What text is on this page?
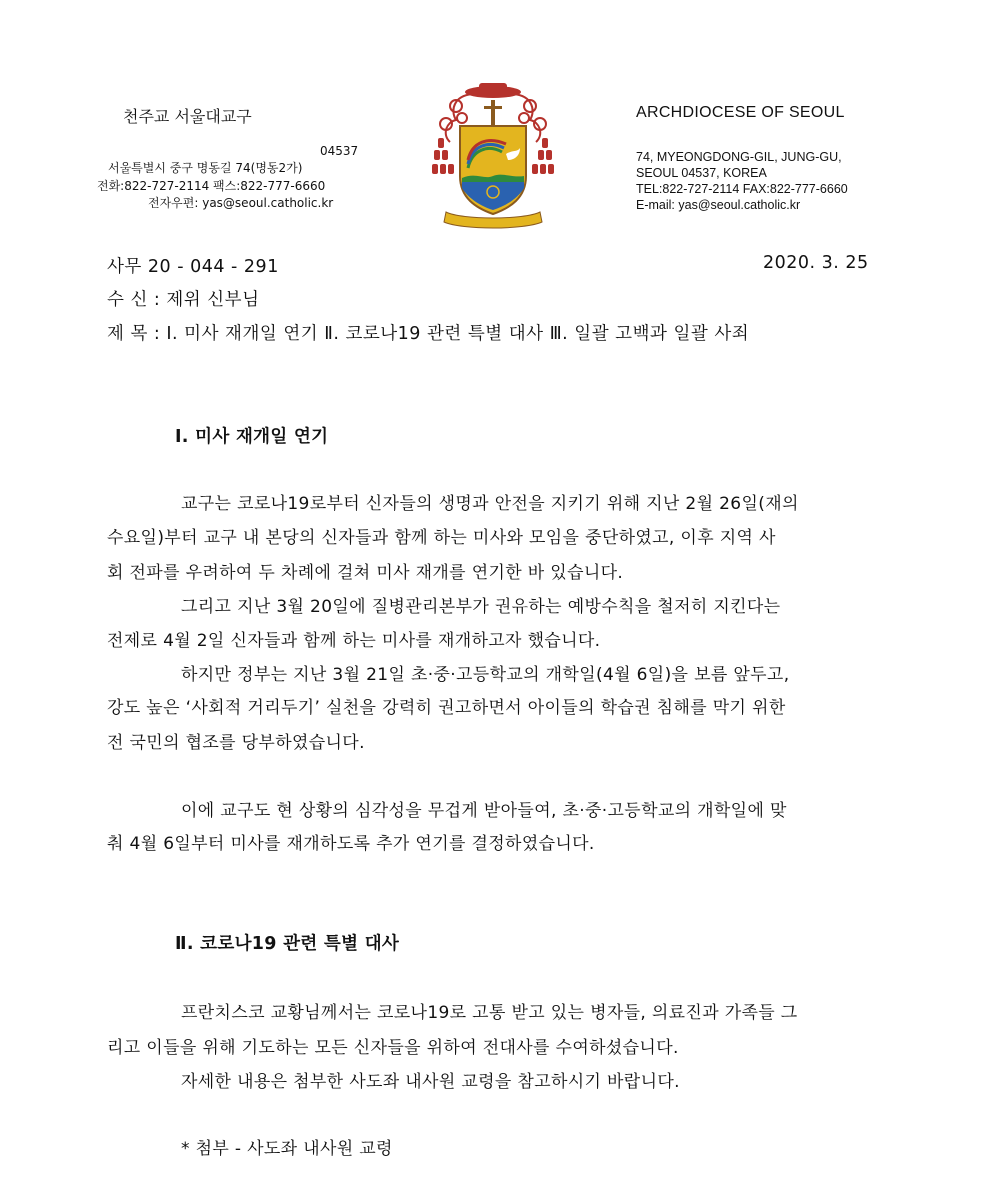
천주교 서울대교구
04537
서울특별시 중구 명동길 74(명동2가)
전화:822-727-2114 팩스:822-777-6660
전자우편: yas@seoul.catholic.kr
ARCHDIOCESE OF SEOUL
74, MYEONGDONG-GIL, JUNG-GU,
SEOUL 04537, KOREA
TEL:822-727-2114 FAX:822-777-6660
E-mail: yas@seoul.catholic.kr
사무 20 - 044 - 291	2020. 3. 25
수 신 : 제위 신부님
제 목 : Ⅰ. 미사 재개일 연기 Ⅱ. 코로나19 관련 특별 대사 Ⅲ. 일괄 고백과 일괄 사죄
Ⅰ. 미사 재개일 연기
교구는 코로나19로부터 신자들의 생명과 안전을 지키기 위해 지난 2월 26일(재의
수요일)부터 교구 내 본당의 신자들과 함께 하는 미사와 모임을 중단하였고, 이후 지역 사
회 전파를 우려하여 두 차례에 걸쳐 미사 재개를 연기한 바 있습니다.
그리고 지난 3월 20일에 질병관리본부가 권유하는 예방수칙을 철저히 지킨다는
전제로 4월 2일 신자들과 함께 하는 미사를 재개하고자 했습니다.
하지만 정부는 지난 3월 21일 초·중·고등학교의 개학일(4월 6일)을 보름 앞두고,
강도 높은 ‘사회적 거리두기’ 실천을 강력히 권고하면서 아이들의 학습권 침해를 막기 위한
전 국민의 협조를 당부하였습니다.
이에 교구도 현 상황의 심각성을 무겁게 받아들여, 초·중·고등학교의 개학일에 맞
춰 4월 6일부터 미사를 재개하도록 추가 연기를 결정하였습니다.
Ⅱ. 코로나19 관련 특별 대사
프란치스코 교황님께서는 코로나19로 고통 받고 있는 병자들, 의료진과 가족들 그
리고 이들을 위해 기도하는 모든 신자들을 위하여 전대사를 수여하셨습니다.
자세한 내용은 첨부한 사도좌 내사원 교령을 참고하시기 바랍니다.
* 첨부 - 사도좌 내사원 교령
